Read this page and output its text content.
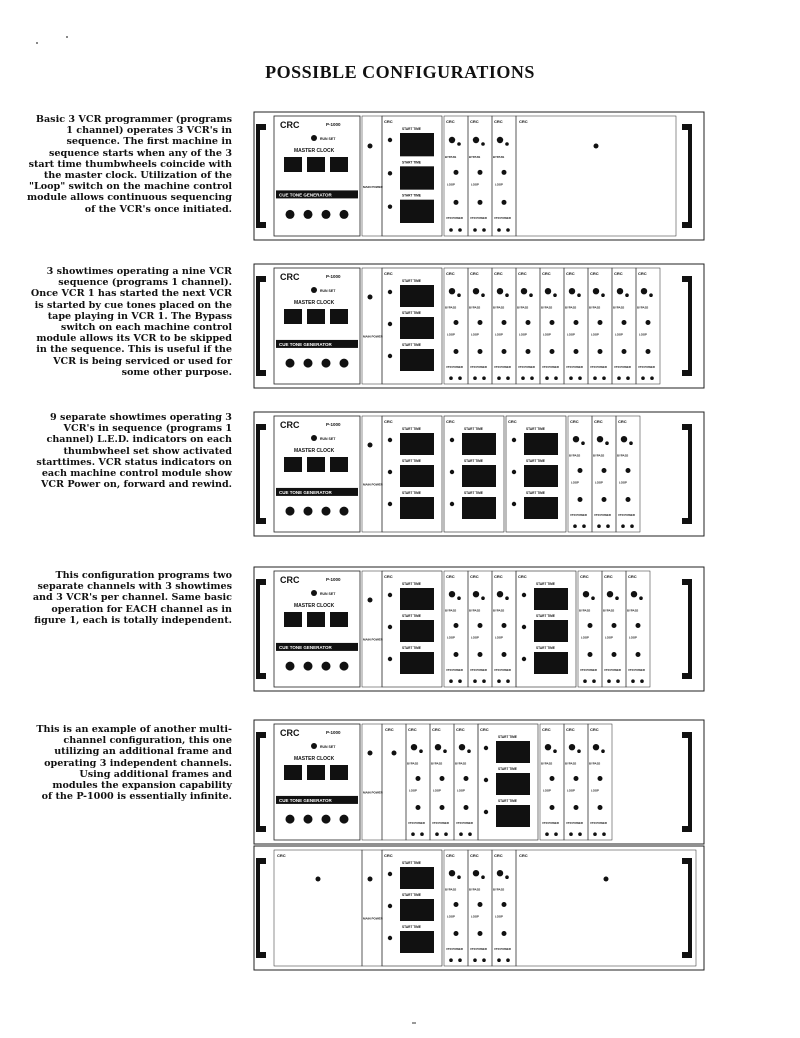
POSSIBLE CONFIGURATIONS
Basic 3 VCR programmer (programs
1 channel) operates 3 VCR's in
sequence. The first machine in
sequence starts when any of the 3
start time thumbwheels coincide with
the master clock. Utilization of the
"Loop" switch on the machine control
module allows continuous sequencing
of the VCR's once initiated.
3 showtimes operating a nine VCR
sequence (programs 1 channel).
Once VCR 1 has started the next VCR
is started by cue tones placed on the
tape playing in VCR 1. The Bypass
switch on each machine control
module allows its VCR to be skipped
in the sequence. This is useful if the
VCR is being serviced or used for
some other purpose.
9 separate showtimes operating 3
VCR's in sequence (programs 1
channel) L.E.D. indicators on each
thumbwheel set show activated
starttimes. VCR status indicators on
each machine control module show
VCR Power on, forward and rewind.
This configuration programs two
separate channels with 3 showtimes
and 3 VCR's per channel. Same basic
operation for EACH channel as in
figure 1, each is totally independent.
This is an example of another multi-
channel configuration, this one
utilizing an additional frame and
operating 3 independent channels.
Using additional frames and
modules the expansion capability
of the P-1000 is essentially infinite.
CRC	P-1000
RUN SET
MASTER CLOCK
CUE TONE GENERATOR
MAIN POWER
CRC
START TIME
START TIME
START TIME
CRC
BYPASS
LOOP
VTR POWER
CRC
BYPASS
LOOP
VTR POWER
CRC
BYPASS
LOOP
VTR POWER
CRC
CRC	P-1000
RUN SET
MASTER CLOCK
CUE TONE GENERATOR
MAIN POWER
CRC
START TIME
START TIME
START TIME
CRC
BYPASS
LOOP
VTR POWER
CRC
BYPASS
LOOP
VTR POWER
CRC
BYPASS
LOOP
VTR POWER
CRC
BYPASS
LOOP
VTR POWER
CRC
BYPASS
LOOP
VTR POWER
CRC
BYPASS
LOOP
VTR POWER
CRC
BYPASS
LOOP
VTR POWER
CRC
BYPASS
LOOP
VTR POWER
CRC
BYPASS
LOOP
VTR POWER
CRC	P-1000
RUN SET
MASTER CLOCK
CUE TONE GENERATOR
MAIN POWER
CRC
START TIME
START TIME
START TIME
CRC
START TIME
START TIME
START TIME
CRC
START TIME
START TIME
START TIME
CRC
BYPASS
LOOP
VTR POWER
CRC
BYPASS
LOOP
VTR POWER
CRC
BYPASS
LOOP
VTR POWER
CRC	P-1000
RUN SET
MASTER CLOCK
CUE TONE GENERATOR
MAIN POWER
CRC
START TIME
START TIME
START TIME
CRC
BYPASS
LOOP
VTR POWER
CRC
BYPASS
LOOP
VTR POWER
CRC
BYPASS
LOOP
VTR POWER
CRC
START TIME
START TIME
START TIME
CRC
BYPASS
LOOP
VTR POWER
CRC
BYPASS
LOOP
VTR POWER
CRC
BYPASS
LOOP
VTR POWER
CRC	P-1000
RUN SET
MASTER CLOCK
CUE TONE GENERATOR
MAIN POWER
CRC	CRC
BYPASS
LOOP
VTR POWER
CRC
BYPASS
LOOP
VTR POWER
CRC
BYPASS
LOOP
VTR POWER
CRC
START TIME
START TIME
START TIME
CRC
BYPASS
LOOP
VTR POWER
CRC
BYPASS
LOOP
VTR POWER
CRC
BYPASS
LOOP
VTR POWER
CRC
MAIN POWER
CRC
START TIME
START TIME
START TIME
CRC
BYPASS
LOOP
VTR POWER
CRC
BYPASS
LOOP
VTR POWER
CRC
BYPASS
LOOP
VTR POWER
CRC
